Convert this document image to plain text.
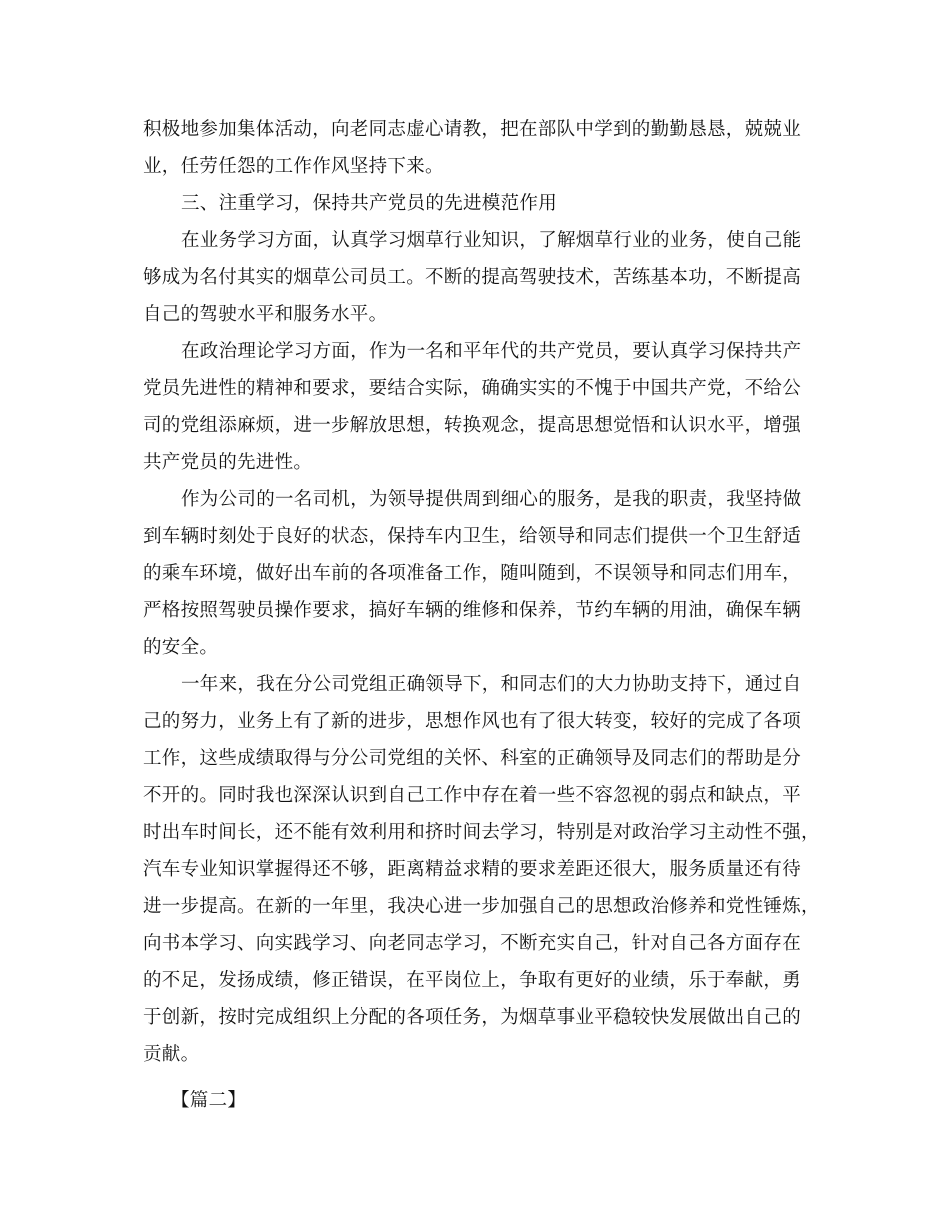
积极地参加集体活动，向老同志虚心请教，把在部队中学到的勤勤恳恳，兢兢业
业，任劳任怨的工作作风坚持下来。
三、注重学习，保持共产党员的先进模范作用
在业务学习方面，认真学习烟草行业知识，了解烟草行业的业务，使自己能
够成为名付其实的烟草公司员工。不断的提高驾驶技术，苦练基本功，不断提高
自己的驾驶水平和服务水平。
在政治理论学习方面，作为一名和平年代的共产党员，要认真学习保持共产
党员先进性的精神和要求，要结合实际，确确实实的不愧于中国共产党，不给公
司的党组添麻烦，进一步解放思想，转换观念，提高思想觉悟和认识水平，增强
共产党员的先进性。
作为公司的一名司机，为领导提供周到细心的服务，是我的职责，我坚持做
到车辆时刻处于良好的状态，保持车内卫生，给领导和同志们提供一个卫生舒适
的乘车环境，做好出车前的各项准备工作，随叫随到，不误领导和同志们用车，
严格按照驾驶员操作要求，搞好车辆的维修和保养，节约车辆的用油，确保车辆
的安全。
一年来，我在分公司党组正确领导下，和同志们的大力协助支持下，通过自
己的努力，业务上有了新的进步，思想作风也有了很大转变，较好的完成了各项
工作，这些成绩取得与分公司党组的关怀、科室的正确领导及同志们的帮助是分
不开的。同时我也深深认识到自己工作中存在着一些不容忽视的弱点和缺点，平
时出车时间长，还不能有效利用和挤时间去学习，特别是对政治学习主动性不强，
汽车专业知识掌握得还不够，距离精益求精的要求差距还很大，服务质量还有待
进一步提高。在新的一年里，我决心进一步加强自己的思想政治修养和党性锤炼，
向书本学习、向实践学习、向老同志学习，不断充实自己，针对自己各方面存在
的不足，发扬成绩，修正错误，在平岗位上，争取有更好的业绩，乐于奉献，勇
于创新，按时完成组织上分配的各项任务，为烟草事业平稳较快发展做出自己的
贡献。
【篇二】
